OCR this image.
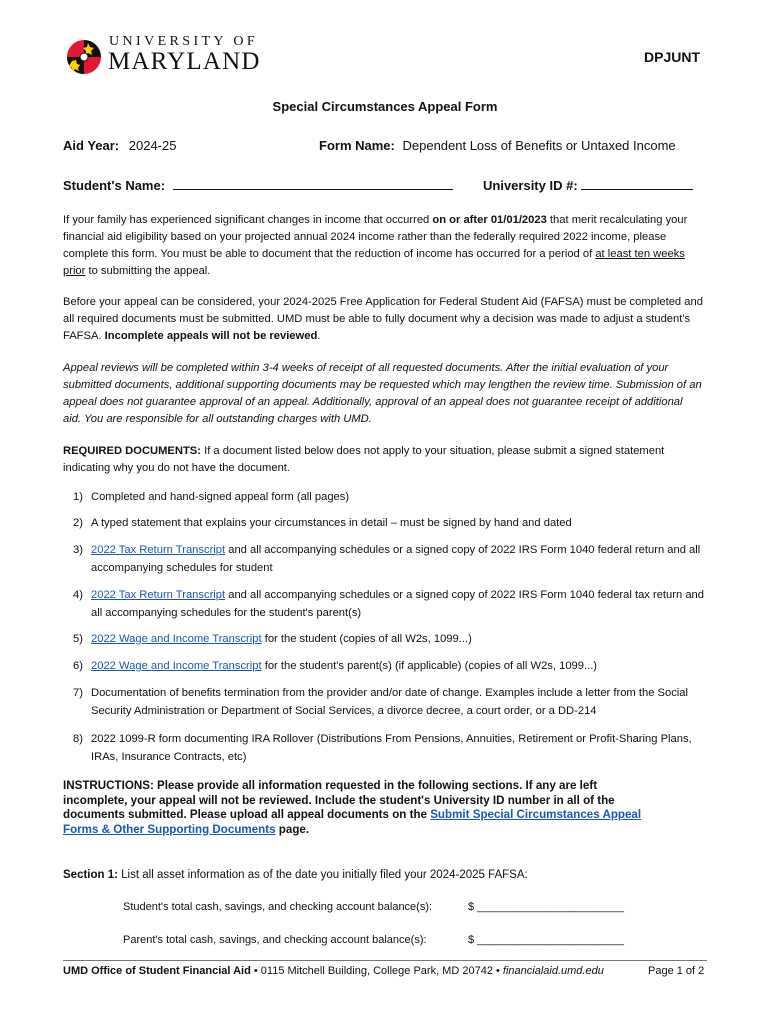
UNIVERSITY OF
MARYLAND	DPJUNT
Special Circumstances Appeal Form
Aid Year: 2024-25	Form Name: Dependent Loss of Benefits or Untaxed Income
Student's Name:	University ID #:
If your family has experienced significant changes in income that occurred on or after 01/01/2023 that merit recalculating your financial aid eligibility based on your projected annual 2024 income rather than the federally required 2022 income, please complete this form. You must be able to document that the reduction of income has occurred for a period of at least ten weeks prior to submitting the appeal.
Before your appeal can be considered, your 2024-2025 Free Application for Federal Student Aid (FAFSA) must be completed and all required documents must be submitted. UMD must be able to fully document why a decision was made to adjust a student's FAFSA. Incomplete appeals will not be reviewed.
Appeal reviews will be completed within 3-4 weeks of receipt of all requested documents. After the initial evaluation of your submitted documents, additional supporting documents may be requested which may lengthen the review time. Submission of an appeal does not guarantee approval of an appeal. Additionally, approval of an appeal does not guarantee receipt of additional aid. You are responsible for all outstanding charges with UMD.
REQUIRED DOCUMENTS: If a document listed below does not apply to your situation, please submit a signed statement indicating why you do not have the document.
1) Completed and hand-signed appeal form (all pages)
2) A typed statement that explains your circumstances in detail – must be signed by hand and dated
3) 2022 Tax Return Transcript and all accompanying schedules or a signed copy of 2022 IRS Form 1040 federal return and all accompanying schedules for student
4) 2022 Tax Return Transcript and all accompanying schedules or a signed copy of 2022 IRS Form 1040 federal tax return and all accompanying schedules for the student's parent(s)
5) 2022 Wage and Income Transcript for the student (copies of all W2s, 1099...)
6) 2022 Wage and Income Transcript for the student's parent(s) (if applicable) (copies of all W2s, 1099...)
7) Documentation of benefits termination from the provider and/or date of change. Examples include a letter from the Social Security Administration or Department of Social Services, a divorce decree, a court order, or a DD-214
8) 2022 1099-R form documenting IRA Rollover (Distributions From Pensions, Annuities, Retirement or Profit-Sharing Plans, IRAs, Insurance Contracts, etc)
INSTRUCTIONS: Please provide all information requested in the following sections. If any are left incomplete, your appeal will not be reviewed. Include the student's University ID number in all of the documents submitted. Please upload all appeal documents on the Submit Special Circumstances Appeal Forms & Other Supporting Documents page.
Section 1: List all asset information as of the date you initially filed your 2024-2025 FAFSA:
Student's total cash, savings, and checking account balance(s):	$ ________________________
Parent's total cash, savings, and checking account balance(s):	$ ________________________
UMD Office of Student Financial Aid • 0115 Mitchell Building, College Park, MD 20742 • financialaid.umd.edu	Page 1 of 2
